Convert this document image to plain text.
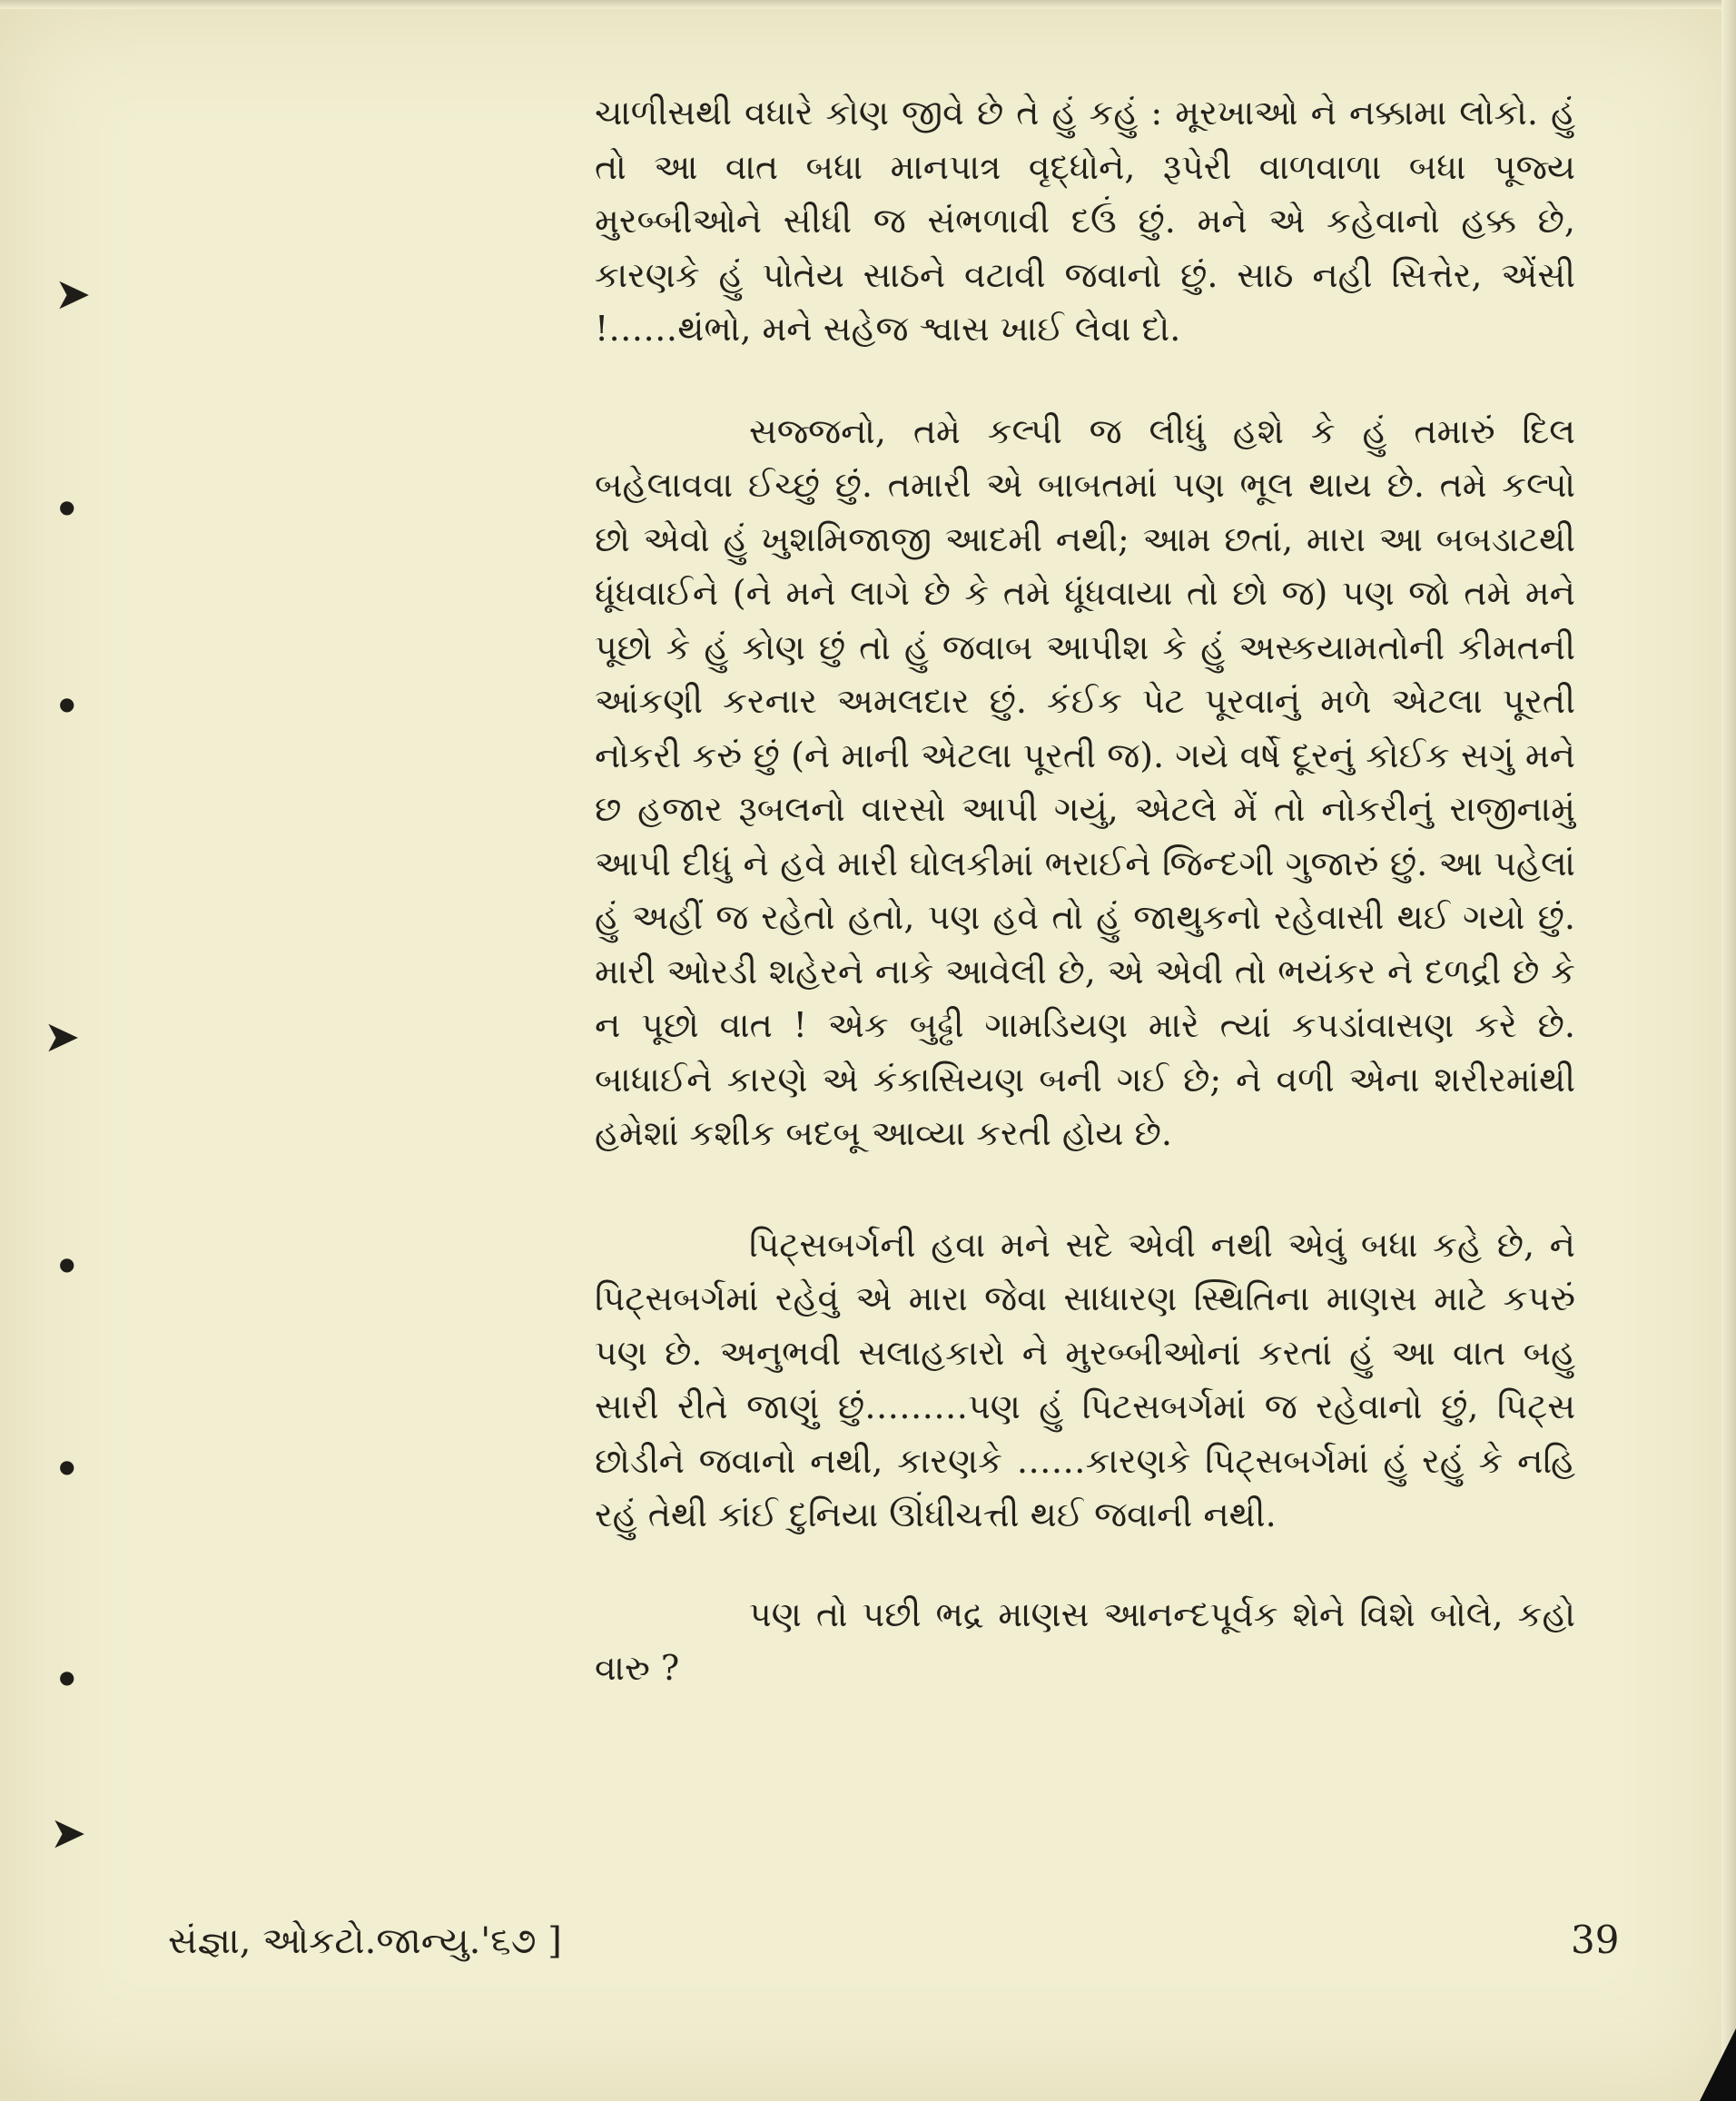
➤
●
●
➤
●
●
●
➤

ચાળીસથી વધારે કોણ જીવે છે તે હું કહું : મૂરખાઓ ને નક્કામા લોકો. હું તો આ વાત બધા માનપાત્ર વૃદ્ધોને, રૂપેરી વાળવાળા બધા પૂજ્ય મુરબ્બીઓને સીધી જ સંભળાવી દઉં છું. મને એ કહેવાનો હક્ક છે, કારણકે હું પોતેય સાઠને વટાવી જવાનો છું. સાઠ નહી સિત્તેર, એંસી !……થંભો, મને સહેજ શ્વાસ ખાઈ લેવા દો.

સજ્જનો, તમે કલ્પી જ લીધું હશે કે હું તમારું દિલ બહેલાવવા ઈચ્છું છું. તમારી એ બાબતમાં પણ ભૂલ થાય છે. તમે કલ્પો છો એવો હું ખુશમિજાજી આદમી નથી; આમ છતાં, મારા આ બબડાટથી ધૂંધવાઈને (ને મને લાગે છે કે તમે ધૂંધવાયા તો છો જ) પણ જો તમે મને પૂછો કે હું કોણ છું તો હું જવાબ આપીશ કે હું અસ્કયામતોની કીમતની આંકણી કરનાર અમલદાર છું. કંઈક પેટ પૂરવાનું મળે એટલા પૂરતી નોકરી કરું છું (ને માની એટલા પૂરતી જ). ગયે વર્ષે દૂરનું કોઈક સગું મને છ હજાર રૂબલનો વારસો આપી ગયું, એટલે મેં તો નોકરીનું રાજીનામું આપી દીધું ને હવે મારી ઘોલકીમાં ભરાઈને જિન્દગી ગુજારું છું. આ પહેલાં હું અહીં જ રહેતો હતો, પણ હવે તો હું જાથુકનો રહેવાસી થઈ ગયો છું. મારી ઓરડી શહેરને નાકે આવેલી છે, એ એવી તો ભયંકર ને દળદ્રી છે કે ન પૂછો વાત ! એક બુઢ્ઢી ગામડિયણ મારે ત્યાં કપડાંવાસણ કરે છે. બાધાઈને કારણે એ કંકાસિયણ બની ગઈ છે; ને વળી એના શરીરમાંથી હમેશાં કશીક બદબૂ આવ્યા કરતી હોય છે.

પિટ્સબર્ગની હવા મને સદે એવી નથી એવું બધા કહે છે, ને પિટ્સબર્ગમાં રહેવું એ મારા જેવા સાધારણ સ્થિતિના માણસ માટે કપરું પણ છે. અનુભવી સલાહકારો ને મુરબ્બીઓનાં કરતાં હું આ વાત બહુ સારી રીતે જાણું છું………પણ હું પિટસબર્ગમાં જ રહેવાનો છું, પિટ્સ છોડીને જવાનો નથી, કારણકે ……કારણકે પિટ્સબર્ગમાં હું રહું કે નહિ રહું તેથી કાંઈ દુનિયા ઊંધીચત્તી થઈ જવાની નથી.

પણ તો પછી ભદ્ર માણસ આનન્દપૂર્વક શેને વિશે બોલે, કહો વારુ ?

સંજ્ઞા, ઓકટો.જાન્યુ.'૬૭ ]	39
